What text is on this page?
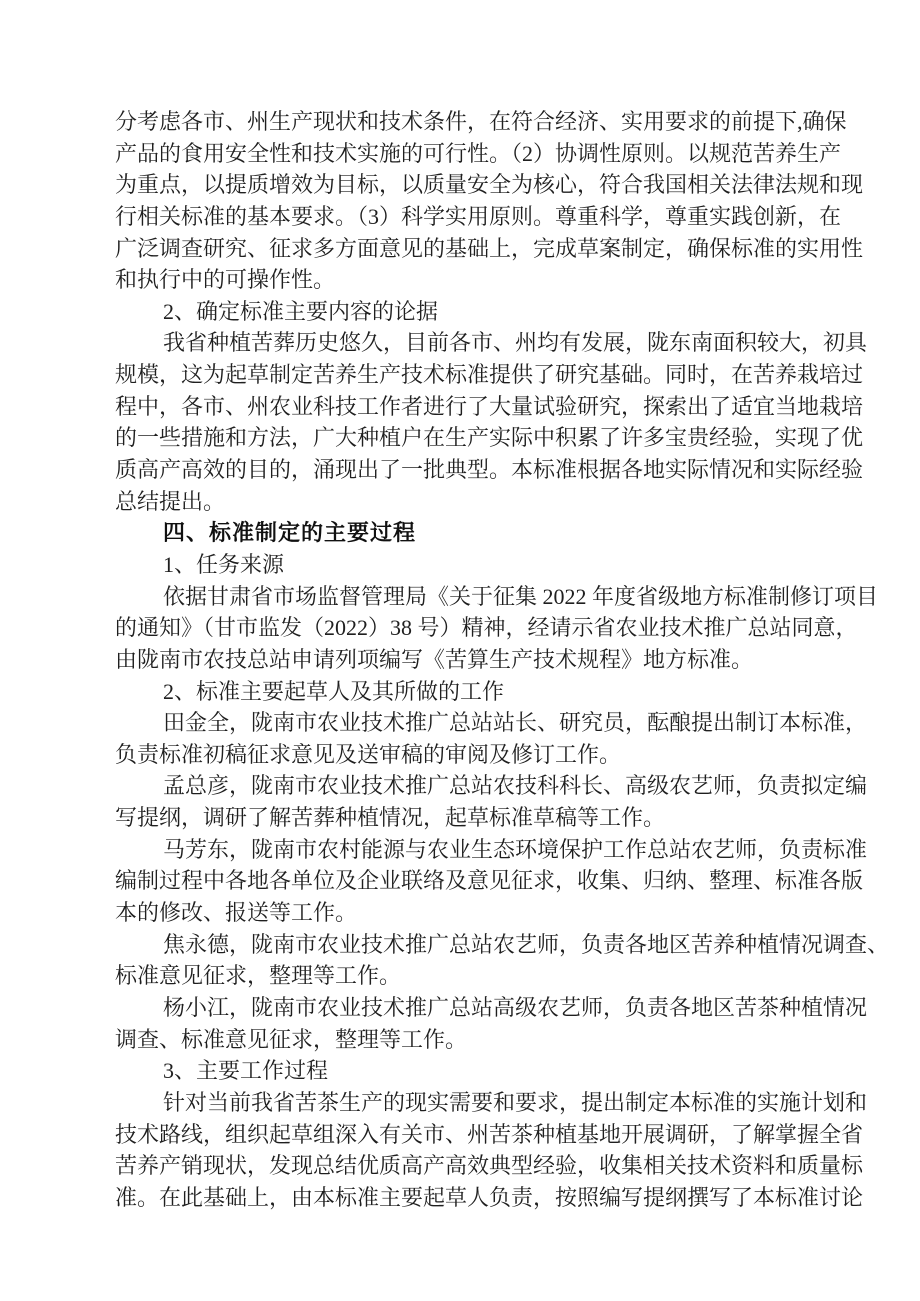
分考虑各市、州生产现状和技术条件，在符合经济、实用要求的前提下,确保
产品的食用安全性和技术实施的可行性。（2）协调性原则。以规范苦养生产
为重点，以提质增效为目标，以质量安全为核心，符合我国相关法律法规和现
行相关标准的基本要求。（3）科学实用原则。尊重科学，尊重实践创新，在
广泛调查研究、征求多方面意见的基础上，完成草案制定，确保标准的实用性
和执行中的可操作性。
2、确定标准主要内容的论据
我省种植苦葬历史悠久，目前各市、州均有发展，陇东南面积较大，初具
规模，这为起草制定苦养生产技术标准提供了研究基础。同时，在苦养栽培过
程中，各市、州农业科技工作者进行了大量试验研究，探索出了适宜当地栽培
的一些措施和方法，广大种植户在生产实际中积累了许多宝贵经验，实现了优
质高产高效的目的，涌现出了一批典型。本标准根据各地实际情况和实际经验
总结提出。
四、标准制定的主要过程
1、任务来源
依据甘肃省市场监督管理局《关于征集 2022 年度省级地方标准制修订项目
的通知》（甘市监发（2022）38 号）精神，经请示省农业技术推广总站同意，
由陇南市农技总站申请列项编写《苦算生产技术规程》地方标准。
2、标准主要起草人及其所做的工作
田金全，陇南市农业技术推广总站站长、研究员，酝酿提出制订本标准，
负责标准初稿征求意见及送审稿的审阅及修订工作。
孟总彦，陇南市农业技术推广总站农技科科长、高级农艺师，负责拟定编
写提纲，调研了解苦葬种植情况，起草标准草稿等工作。
马芳东，陇南市农村能源与农业生态环境保护工作总站农艺师，负责标准
编制过程中各地各单位及企业联络及意见征求，收集、归纳、整理、标准各版
本的修改、报送等工作。
焦永德，陇南市农业技术推广总站农艺师，负责各地区苦养种植情况调查、
标准意见征求，整理等工作。
杨小江，陇南市农业技术推广总站高级农艺师，负责各地区苦茶种植情况
调查、标准意见征求，整理等工作。
3、主要工作过程
针对当前我省苦茶生产的现实需要和要求，提出制定本标准的实施计划和
技术路线，组织起草组深入有关市、州苦茶种植基地开展调研，了解掌握全省
苦养产销现状，发现总结优质高产高效典型经验，收集相关技术资料和质量标
准。在此基础上，由本标准主要起草人负责，按照编写提纲撰写了本标准讨论
